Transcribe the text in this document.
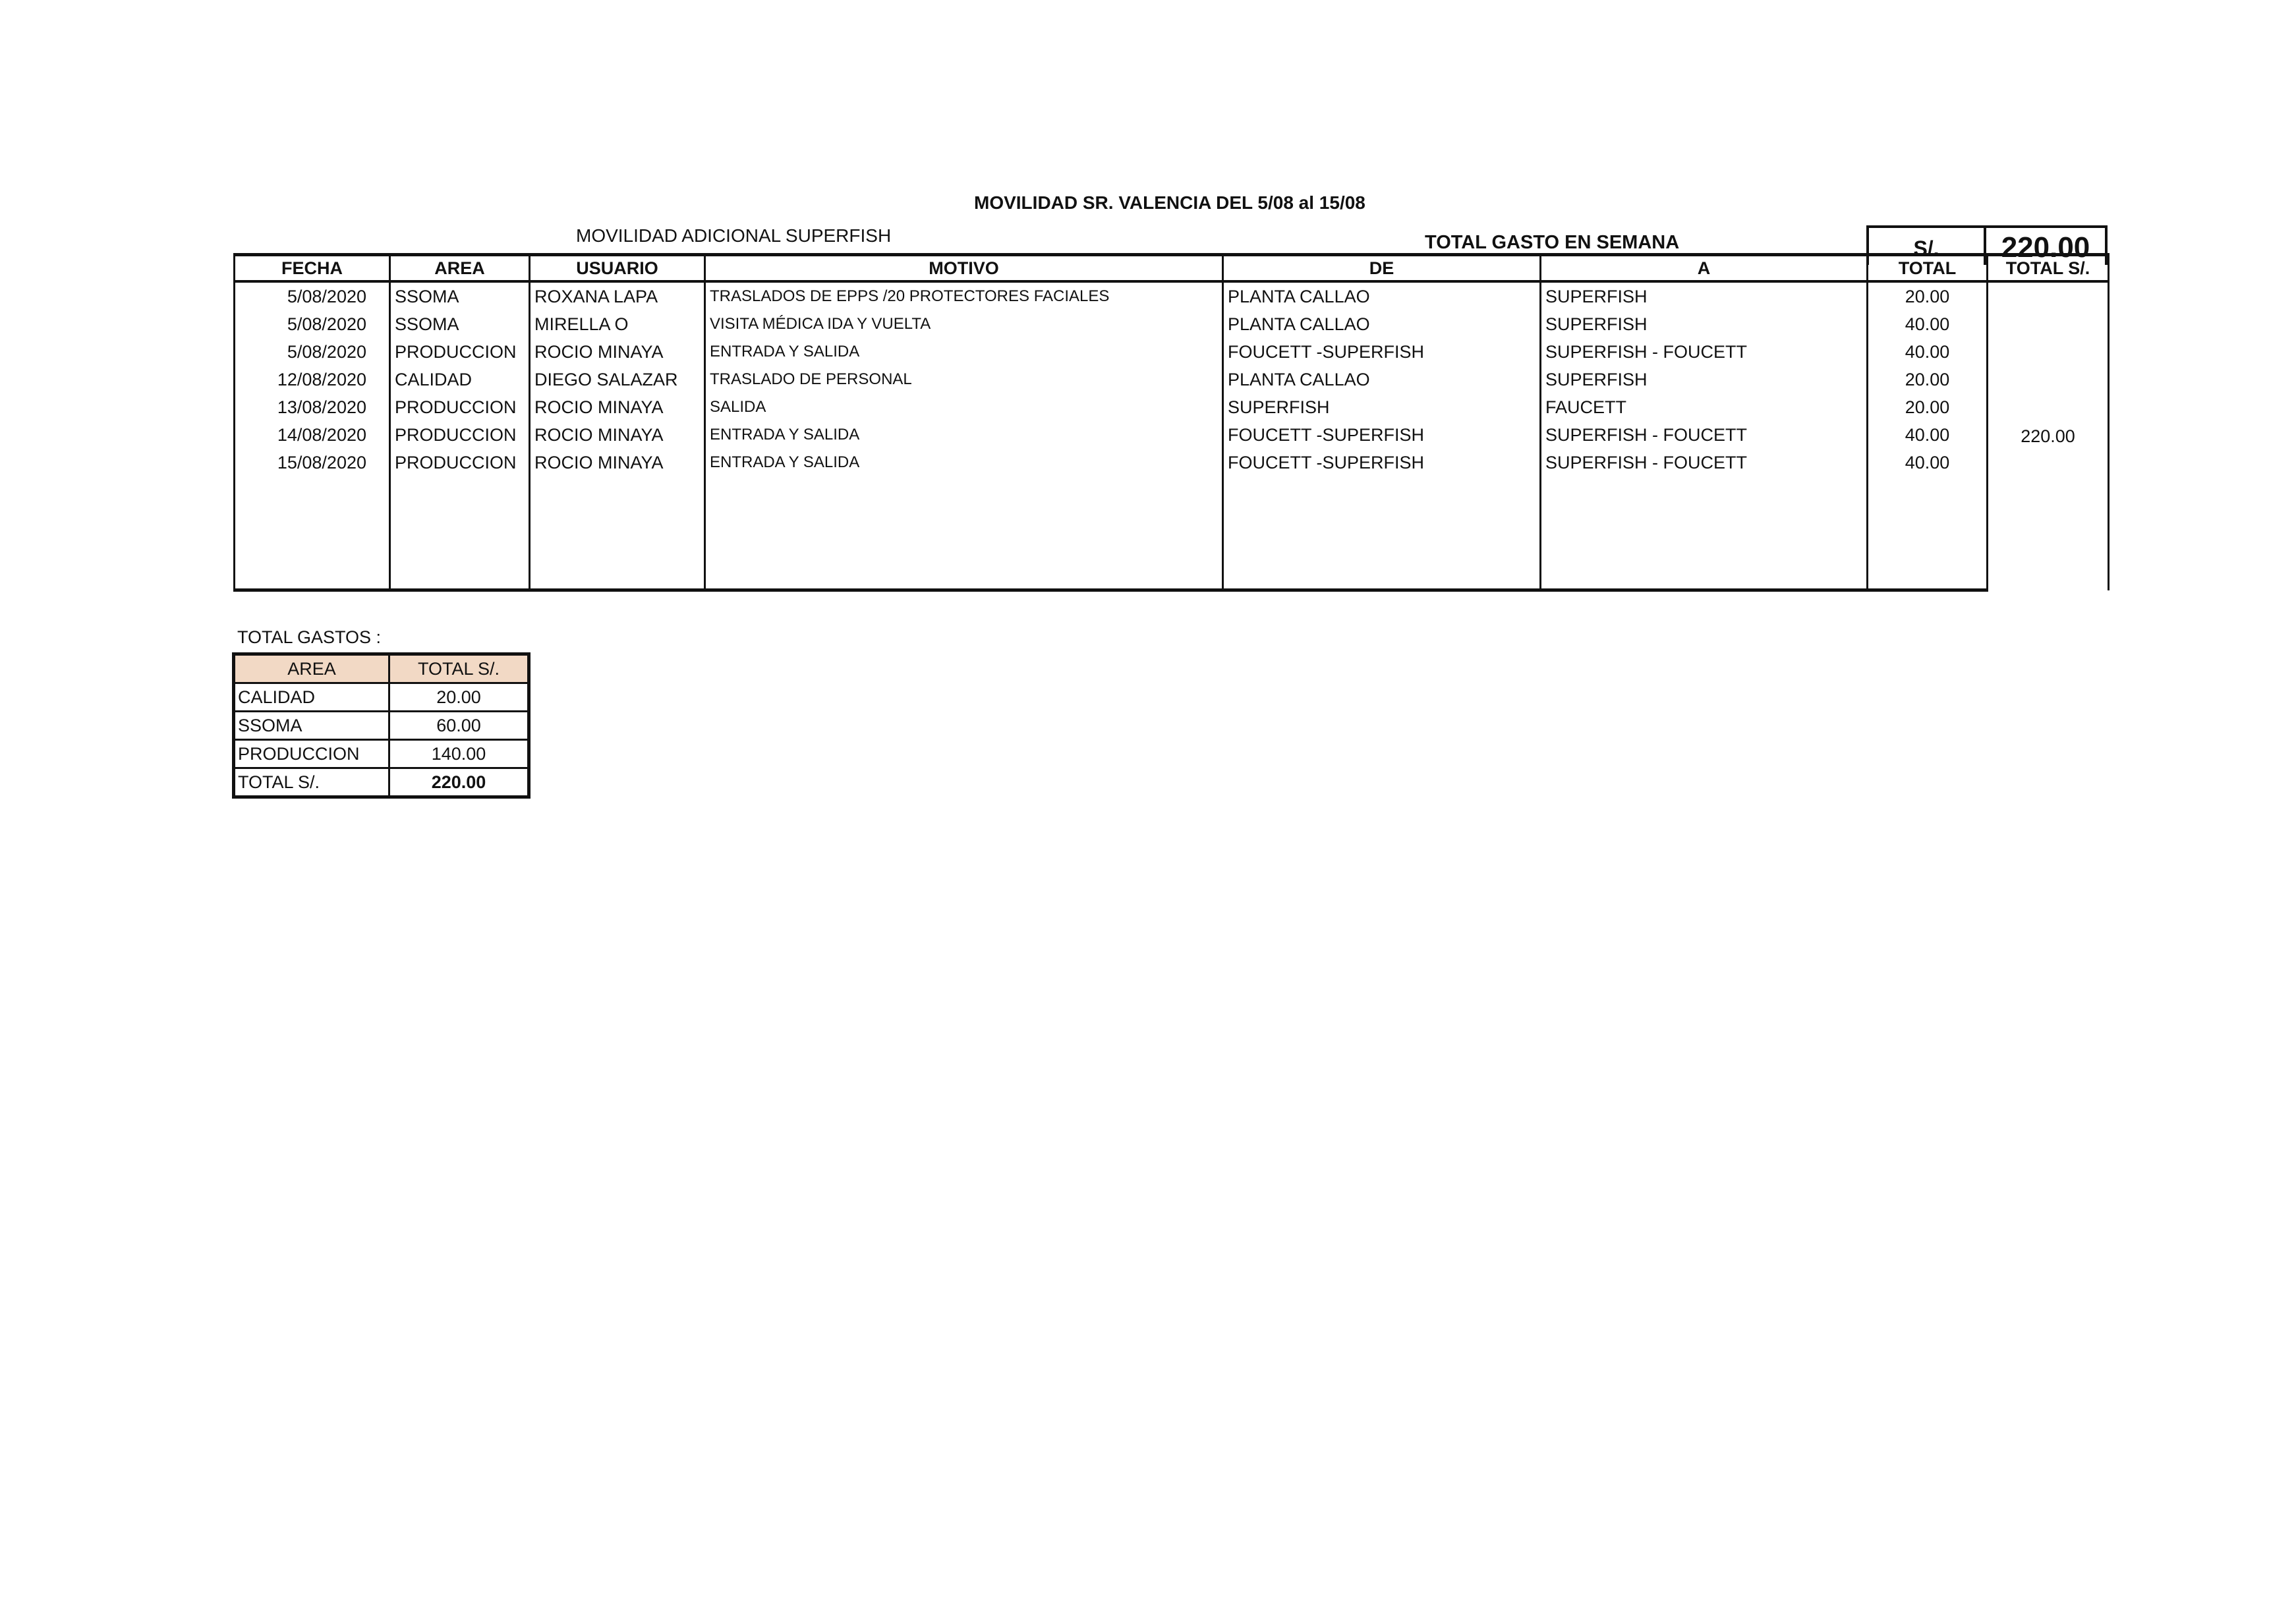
MOVILIDAD SR. VALENCIA DEL 5/08 al 15/08
MOVILIDAD ADICIONAL SUPERFISH	TOTAL GASTO EN SEMANA	S/.	220.00
FECHA	AREA	USUARIO	MOTIVO	DE	A	TOTAL	TOTAL S/.
5/08/2020	SSOMA	ROXANA LAPA	TRASLADOS DE EPPS /20 PROTECTORES FACIALES	PLANTA CALLAO	SUPERFISH	20.00	220.00
5/08/2020	SSOMA	MIRELLA O	VISITA MÉDICA IDA Y VUELTA	PLANTA CALLAO	SUPERFISH	40.00	
5/08/2020	PRODUCCION	ROCIO MINAYA	ENTRADA Y SALIDA	FOUCETT -SUPERFISH	SUPERFISH - FOUCETT	40.00	
12/08/2020	CALIDAD	DIEGO SALAZAR	TRASLADO DE PERSONAL	PLANTA CALLAO	SUPERFISH	20.00	
13/08/2020	PRODUCCION	ROCIO MINAYA	SALIDA	SUPERFISH	FAUCETT	20.00	
14/08/2020	PRODUCCION	ROCIO MINAYA	ENTRADA Y SALIDA	FOUCETT -SUPERFISH	SUPERFISH - FOUCETT	40.00	
15/08/2020	PRODUCCION	ROCIO MINAYA	ENTRADA Y SALIDA	FOUCETT -SUPERFISH	SUPERFISH - FOUCETT	40.00	

TOTAL GASTOS :
AREA	TOTAL S/.
CALIDAD	20.00
SSOMA	60.00
PRODUCCION	140.00
TOTAL S/.	220.00
